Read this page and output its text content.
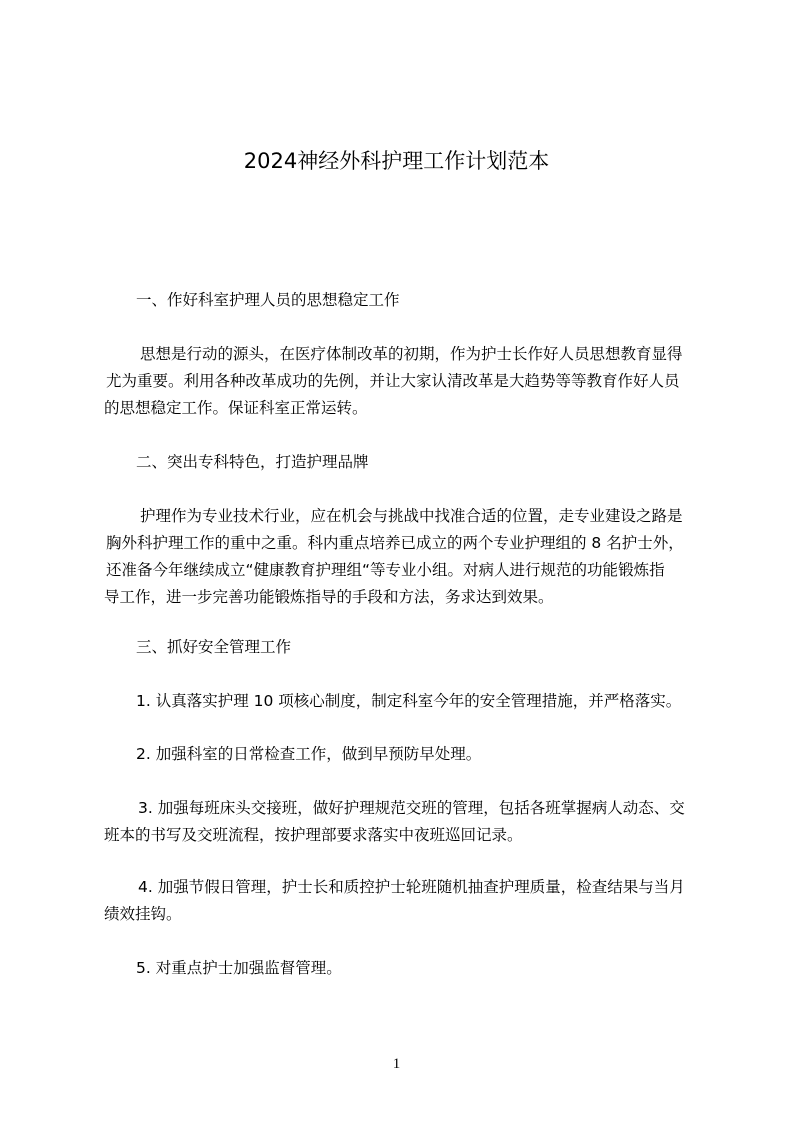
2024神经外科护理工作计划范本
一、作好科室护理人员的思想稳定工作
思想是行动的源头，在医疗体制改革的初期，作为护士长作好人员思想教育显得
尤为重要。利用各种改革成功的先例，并让大家认清改革是大趋势等等教育作好人员
的思想稳定工作。保证科室正常运转。
二、突出专科特色，打造护理品牌
护理作为专业技术行业，应在机会与挑战中找准合适的位置，走专业建设之路是
胸外科护理工作的重中之重。科内重点培养已成立的两个专业护理组的 8 名护士外，
还准备今年继续成立“健康教育护理组“等专业小组。对病人进行规范的功能锻炼指
导工作，进一步完善功能锻炼指导的手段和方法，务求达到效果。
三、抓好安全管理工作
1. 认真落实护理 10 项核心制度，制定科室今年的安全管理措施，并严格落实。
2. 加强科室的日常检查工作，做到早预防早处理。
3. 加强每班床头交接班，做好护理规范交班的管理，包括各班掌握病人动态、交
班本的书写及交班流程，按护理部要求落实中夜班巡回记录。
4. 加强节假日管理，护士长和质控护士轮班随机抽查护理质量，检查结果与当月
绩效挂钩。
5. 对重点护士加强监督管理。
1
